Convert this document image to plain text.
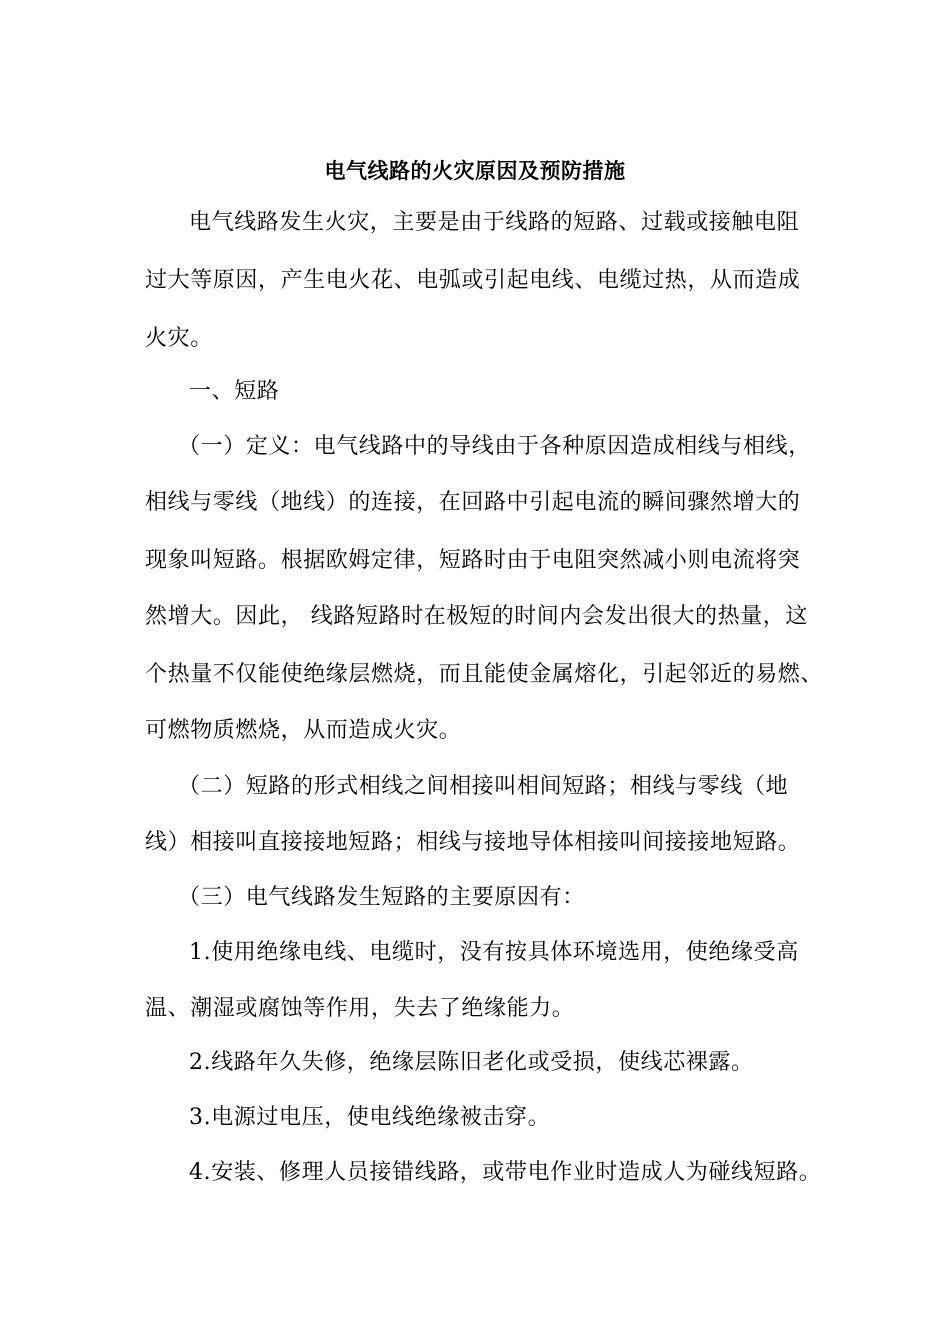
电气线路的火灾原因及预防措施
电气线路发生火灾，主要是由于线路的短路、过载或接触电阻
过大等原因，产生电火花、电弧或引起电线、电缆过热，从而造成
火灾。
一、短路
（一）定义：电气线路中的导线由于各种原因造成相线与相线，
相线与零线（地线）的连接，在回路中引起电流的瞬间骤然增大的
现象叫短路。根据欧姆定律，短路时由于电阻突然减小则电流将突
然增大。因此， 线路短路时在极短的时间内会发出很大的热量，这
个热量不仅能使绝缘层燃烧，而且能使金属熔化，引起邻近的易燃、
可燃物质燃烧，从而造成火灾。
（二）短路的形式相线之间相接叫相间短路；相线与零线（地
线）相接叫直接接地短路；相线与接地导体相接叫间接接地短路。
（三）电气线路发生短路的主要原因有：
1.使用绝缘电线、电缆时，没有按具体环境选用，使绝缘受高
温、潮湿或腐蚀等作用，失去了绝缘能力。
2.线路年久失修，绝缘层陈旧老化或受损，使线芯裸露。
3.电源过电压，使电线绝缘被击穿。
4.安装、修理人员接错线路，或带电作业时造成人为碰线短路。
